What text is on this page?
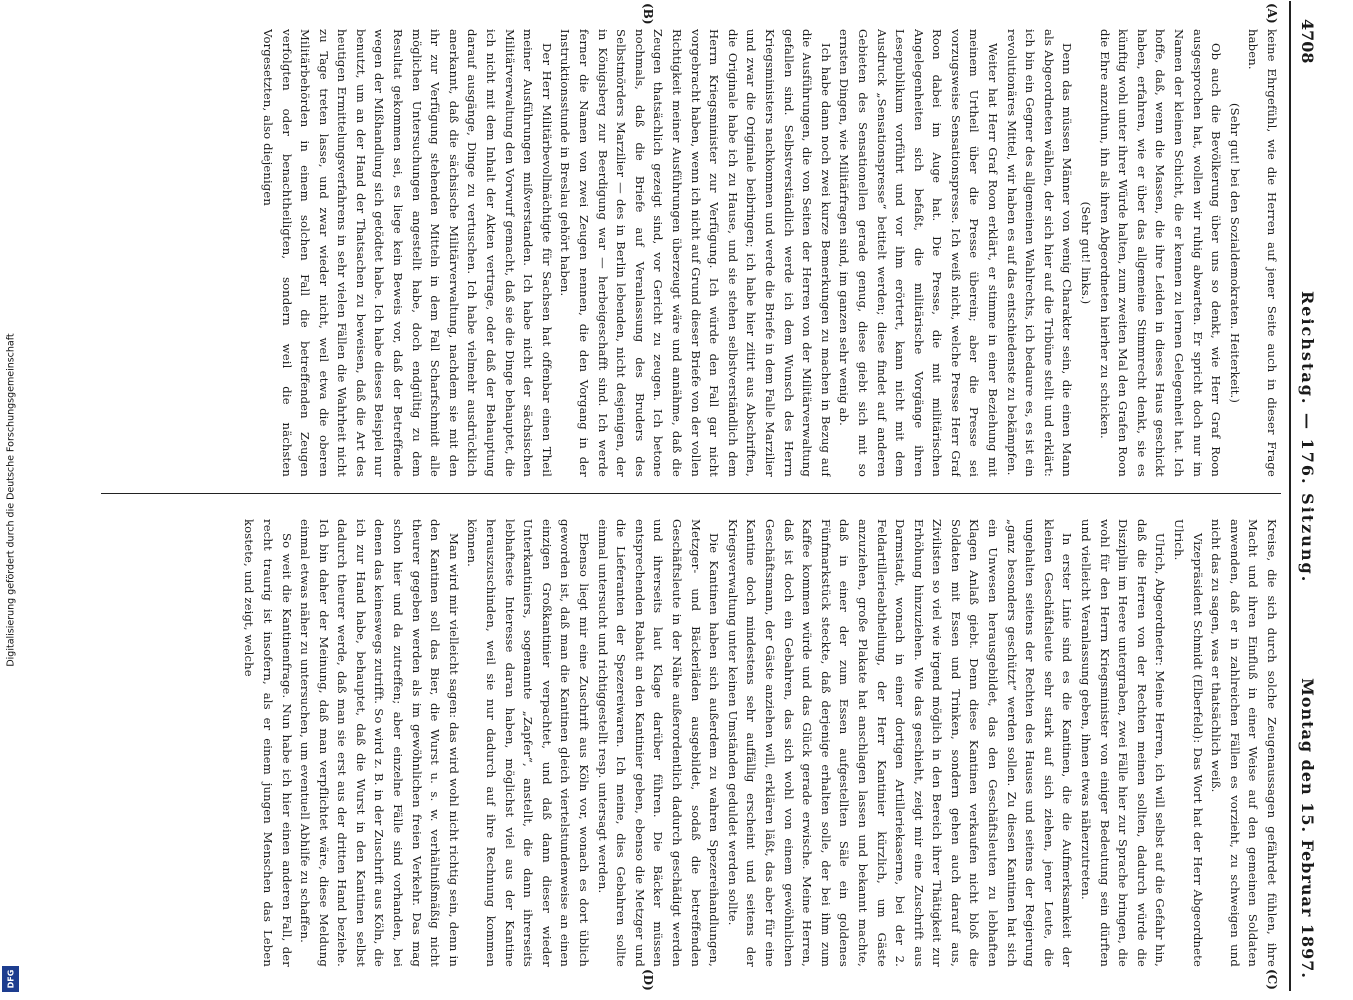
Digitalisierung gefördert durch die Deutsche Forschungsgemeinschaft
DFG
4708
Reichstag. — 176. Sitzung.
Montag den 15. Februar 1897.
(A)
(B)
(C)
(D)

keine Ehrgefühl, wie die Herren auf jener Seite auch in dieser Frage haben.

(Sehr gut! bei den Sozialdemokraten. Heiterkeit.)

Ob auch die Bevölkerung über uns so denkt, wie Herr Graf Roon ausgesprochen hat, wollen wir ruhig abwarten. Er spricht doch nur im Namen der kleinen Schicht, die er kennen zu lernen Gelegenheit hat. Ich hoffe, daß, wenn die Massen, die ihre Leiden in dieses Haus geschickt haben, erfahren, wie er über das allgemeine Stimmrecht denkt, sie es künftig wohl unter ihrer Würde halten, zum zweiten Mal den Grafen Roon die Ehre anzuthun, ihn als ihren Abgeordneten hierher zu schicken.

(Sehr gut! links.)

Denn das müssen Männer von wenig Charakter sein, die einen Mann als Abgeordneten wählen, der sich hier auf die Tribüne stellt und erklärt: ich bin ein Gegner des allgemeinen Wahlrechts, ich bedaure es, es ist ein revolutionäres Mittel, wir haben es auf das entschiedenste zu bekämpfen.

Weiter hat Herr Graf Roon erklärt, er stimme in einer Beziehung mit meinem Urtheil über die Presse überein; aber die Presse sei vorzugsweise Sensationspresse. Ich weiß nicht, welche Presse Herr Graf Roon dabei im Auge hat. Die Presse, die mit militärischen Angelegenheiten sich befaßt, die militärische Vorgänge ihren Lesepublikum vorführt und vor ihm erörtert, kann nicht mit dem Ausdruck „Sensationspresse“ betitelt werden; diese findet auf anderen Gebieten des Sensationellen gerade genug, diese giebt sich mit so ernsten Dingen, wie Militärfragen sind, im ganzen sehr wenig ab.

Ich habe dann noch zwei kurze Bemerkungen zu machen in Bezug auf die Ausführungen, die von Seiten der Herren von der Militärverwaltung gefallen sind. Selbstverständlich werde ich dem Wunsch des Herrn Kriegsministers nachkommen und werde die Briefe in dem Falle Marzilier und zwar die Originale beibringen; ich habe hier zitirt aus Abschriften, die Originale habe ich zu Hause, und sie stehen selbstverständlich dem Herrn Kriegsminister zur Verfügung. Ich würde den Fall gar nicht vorgebracht haben, wenn ich nicht auf Grund dieser Briefe von der vollen Richtigkeit meiner Ausführungen überzeugt wäre und annähme, daß die Zeugen thatsächlich gezeigt sind, vor Gericht zu zeugen. Ich betone nochmals, daß die Briefe auf Veranlassung des Bruders des Selbstmörders Marzilier — des in Berlin lebenden, nicht desjenigen, der in Königsberg zur Beerdigung war — herbeigeschafft sind. Ich werde ferner die Namen von zwei Zeugen nennen, die den Vorgang in der Instruktionsstunde in Breslau gehört haben.

Der Herr Militärbevollmächtigte für Sachsen hat offenbar einen Theil meiner Ausführungen mißverstanden. Ich habe nicht der sächsischen Militärverwaltung den Vorwurf gemacht, daß sie die Dinge behauptet, die ich nicht mit dem Inhalt der Akten vertrage, oder daß der Behauptung darauf ausgänge, Dinge zu vertuschen. Ich habe vielmehr ausdrücklich anerkannt, daß die sächsische Militärverwaltung, nachdem sie mit den ihr zur Verfügung stehenden Mitteln in dem Fall Scharfschmidt alle möglichen Untersuchungen angestellt habe, doch endgültig zu dem Resultat gekommen sei, es liege kein Beweis vor, daß der Betreffende wegen der Mißhandlung sich getödtet habe. Ich habe dieses Beispiel nur benutzt, um an der Hand der Thatsachen zu beweisen, daß die Art des heutigen Ermittelungsverfahrens in sehr vielen Fällen die Wahrheit nicht zu Tage treten lasse, und zwar wieder nicht, weil etwa die oberen Militärbehörden in einem solchen Fall die betreffenden Zeugen verfolgten oder benachtheiligten, sondern weil die nächsten Vorgesetzten, also diejenigen

Kreise, die sich durch solche Zeugenaussagen gefährdet fühlen, ihre Macht und ihren Einfluß in einer Weise auf den gemeinen Soldaten anwenden, daß er in zahlreichen Fällen es vorzieht, zu schweigen und nicht das zu sagen, was er thatsächlich weiß.

Vizepräsident Schmidt (Elberfeld): Das Wort hat der Herr Abgeordnete Ulrich.

Ulrich, Abgeordneter: Meine Herren, ich will selbst auf die Gefahr hin, daß die Herren von der Rechten meinen sollten, dadurch würde die Disziplin im Heere untergraben, zwei Fälle hier zur Sprache bringen, die wohl für den Herrn Kriegsminister von einiger Bedeutung sein dürften und vielleicht Veranlassung geben, ihnen etwas näherzutreten.

In erster Linie sind es die Kantinen, die die Aufmerksamkeit der kleinen Geschäftsleute sehr stark auf sich ziehen, jener Leute, die ungehalten seitens der Rechten des Hauses und seitens der Regierung „ganz besonders geschützt“ werden sollen. Zu diesen Kantinen hat sich ein Unwesen herausgebildet, das den Geschäftsleuten zu lebhaften Klagen Anlaß giebt. Denn diese Kantinen verkaufen nicht bloß die Soldaten mit Essen und Trinken, sondern gehen auch darauf aus, Zivilisten so viel wie irgend möglich in den Bereich ihrer Thätigkeit zur Erhöhung hinzuziehen. Wie das geschieht, zeigt mir eine Zuschrift aus Darmstadt, wonach in einer dortigen Artilleriekaserne, bei der 2. Feldartillerieabtheilung, der Herr Kantinier kürzlich, um Gäste anzuziehen, große Plakate hat anschlagen lassen und bekannt machte, daß in einer der zum Essen aufgestellten Säle ein goldenes Fünfmarkstück steckte, daß derjenige erhalten solle, der bei ihm zum Kaffee kommen würde und das Glück gerade erwische. Meine Herren, daß ist doch ein Gebahren, das sich wohl von einem gewöhnlichen Geschäftsmann, der Gäste anziehen will, erklären läßt, das aber für eine Kantine doch mindestens sehr auffällig erscheint und seitens der Kriegsverwaltung unter keinen Umständen geduldet werden sollte.

Die Kantinen haben sich außerdem zu wahren Spezereihandlungen, Metzger- und Bäckerläden ausgebildet, sodaß die betreffenden Geschäftsleute in der Nähe außerordentlich dadurch geschädigt werden und ihrerseits laut Klage darüber führen. Die Bäcker müssen entsprechenden Rabatt an den Kantinier geben, ebenso die Metzger und die Lieferanten der Spezereiwaren. Ich meine, dies Gebahren sollte einmal untersucht und richtiggestellt resp. untersagt werden.

Ebenso liegt mir eine Zuschrift aus Köln vor, wonach es dort üblich geworden ist, daß man die Kantinen gleich viertelstundenweise an einen einzigen Großkantinier verpachtet, und daß dann dieser wieder Unterkantiniers, sogenannte „Zapfer“, anstellt, die dann ihrerseits lebhafteste Interesse daran haben, möglichst viel aus der Kantine herauszuschinden, weil sie nur dadurch auf ihre Rechnung kommen können.

Man wird mir vielleicht sagen: das wird wohl nicht richtig sein, denn in den Kantinen soll das Bier, die Wurst u. s. w. verhältnißmäßig nicht theurer gegeben werden als im gewöhnlichen freien Verkehr. Das mag schon hier und da zutreffen; aber einzelne Fälle sind vorhanden, bei denen das keineswegs zutrifft. So wird z. B. in der Zuschrift aus Köln, die ich zur Hand habe, behauptet, daß die Wurst in den Kantinen selbst dadurch theurer werde, daß man sie erst aus der dritten Hand beziehe. Ich bin daher der Meinung, daß man verpflichtet wäre, diese Meldung einmal etwas näher zu untersuchen, um eventuell Abhilfe zu schaffen.

So weit die Kantinenfrage. Nun habe ich hier einen anderen Fall, der recht traurig ist insofern, als er einem jungen Menschen das Leben kostete, und zeigt, welche
